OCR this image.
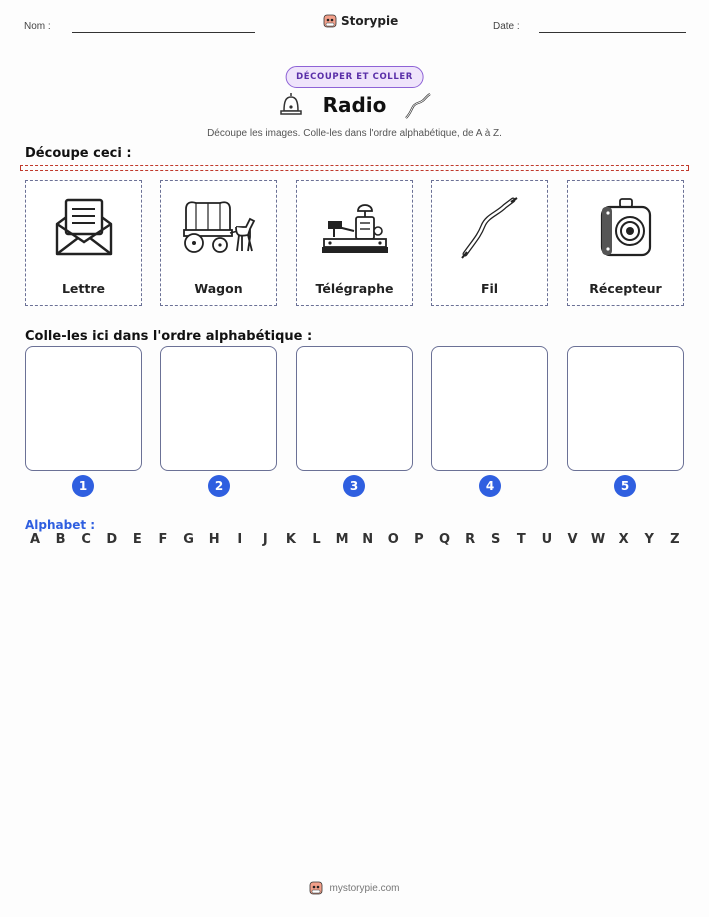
Nom :	Storypie	Date :
DÉCOUPER ET COLLER
Radio
Découpe les images. Colle-les dans l'ordre alphabétique, de A à Z.
Découpe ceci :
Lettre	Wagon	Télégraphe	Fil	Récepteur
Colle-les ici dans l'ordre alphabétique :
1	2	3	4	5
Alphabet :
A	B	C	D	E	F	G	H	I	J	K	L	M	N	O	P	Q	R	S	T	U	V	W	X	Y	Z
mystorypie.com
